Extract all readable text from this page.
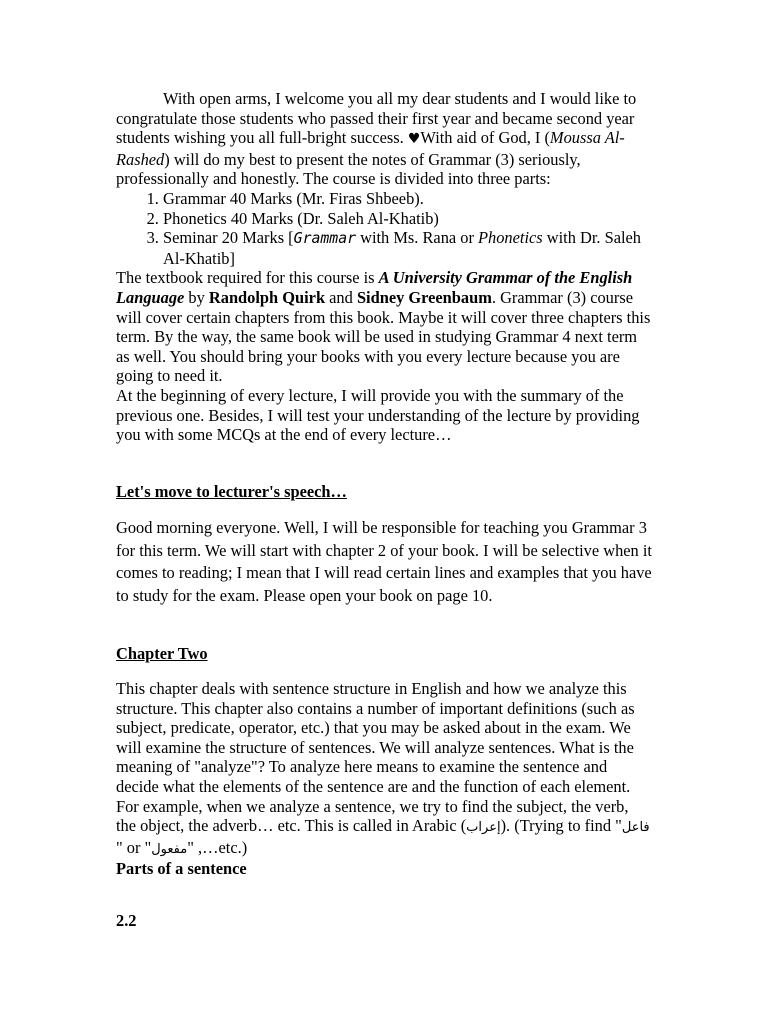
With open arms, I welcome you all my dear students and I would like to congratulate those students who passed their first year and became second year students wishing you all full-bright success. ♥With aid of God, I (Moussa Al-Rashed) will do my best to present the notes of Grammar (3) seriously, professionally and honestly. The course is divided into three parts:

1. Grammar 40 Marks (Mr. Firas Shbeeb).
2. Phonetics 40 Marks (Dr. Saleh Al-Khatib)
3. Seminar 20 Marks [Grammar with Ms. Rana or Phonetics with Dr. Saleh Al-Khatib]

The textbook required for this course is A University Grammar of the English Language by Randolph Quirk and Sidney Greenbaum. Grammar (3) course will cover certain chapters from this book. Maybe it will cover three chapters this term. By the way, the same book will be used in studying Grammar 4 next term as well. You should bring your books with you every lecture because you are going to need it.

At the beginning of every lecture, I will provide you with the summary of the previous one. Besides, I will test your understanding of the lecture by providing you with some MCQs at the end of every lecture…

Let's move to lecturer's speech…

Good morning everyone. Well, I will be responsible for teaching you Grammar 3 for this term. We will start with chapter 2 of your book. I will be selective when it comes to reading; I mean that I will read certain lines and examples that you have to study for the exam. Please open your book on page 10.

Chapter Two

This chapter deals with sentence structure in English and how we analyze this structure. This chapter also contains a number of important definitions (such as subject, predicate, operator, etc.) that you may be asked about in the exam. We will examine the structure of sentences. We will analyze sentences. What is the meaning of "analyze"? To analyze here means to examine the sentence and decide what the elements of the sentence are and the function of each element. For example, when we analyze a sentence, we try to find the subject, the verb, the object, the adverb… etc. This is called in Arabic (إعراب). (Trying to find "فاعل " or "مفعول" ,…etc.)

Parts of a sentence

2.2
